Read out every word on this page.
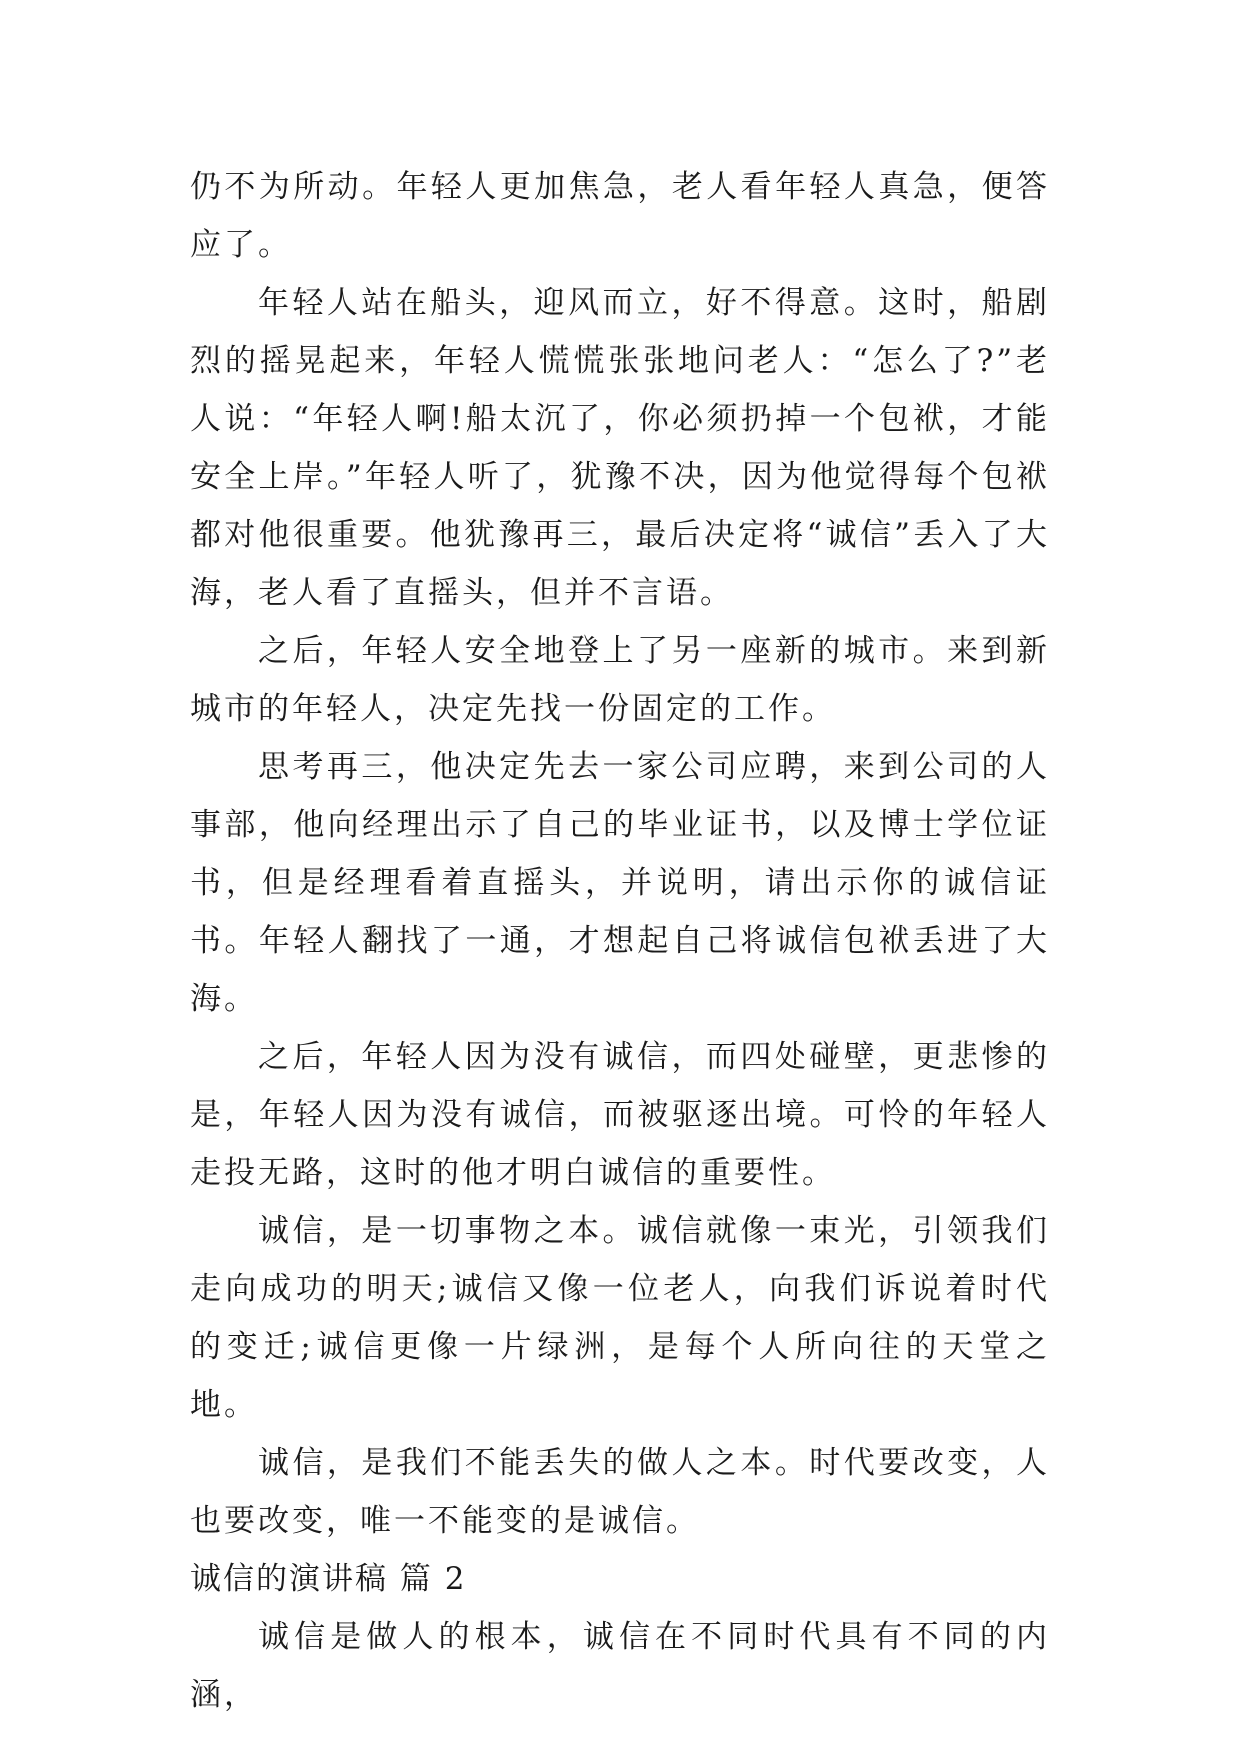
仍不为所动。年轻人更加焦急，老人看年轻人真急，便答应了。

年轻人站在船头，迎风而立，好不得意。这时，船剧烈的摇晃起来，年轻人慌慌张张地问老人：“怎么了?”老人说：“年轻人啊!船太沉了，你必须扔掉一个包袱，才能安全上岸。”年轻人听了，犹豫不决，因为他觉得每个包袱都对他很重要。他犹豫再三，最后决定将“诚信”丢入了大海，老人看了直摇头，但并不言语。

之后，年轻人安全地登上了另一座新的城市。来到新城市的年轻人，决定先找一份固定的工作。

思考再三，他决定先去一家公司应聘，来到公司的人事部，他向经理出示了自己的毕业证书，以及博士学位证书，但是经理看着直摇头，并说明，请出示你的诚信证书。年轻人翻找了一通，才想起自己将诚信包袱丢进了大海。

之后，年轻人因为没有诚信，而四处碰壁，更悲惨的是，年轻人因为没有诚信，而被驱逐出境。可怜的年轻人走投无路，这时的他才明白诚信的重要性。

诚信，是一切事物之本。诚信就像一束光，引领我们走向成功的明天;诚信又像一位老人，向我们诉说着时代的变迁;诚信更像一片绿洲，是每个人所向往的天堂之地。

诚信，是我们不能丢失的做人之本。时代要改变，人也要改变，唯一不能变的是诚信。

诚信的演讲稿 篇 2

诚信是做人的根本，诚信在不同时代具有不同的内涵，
